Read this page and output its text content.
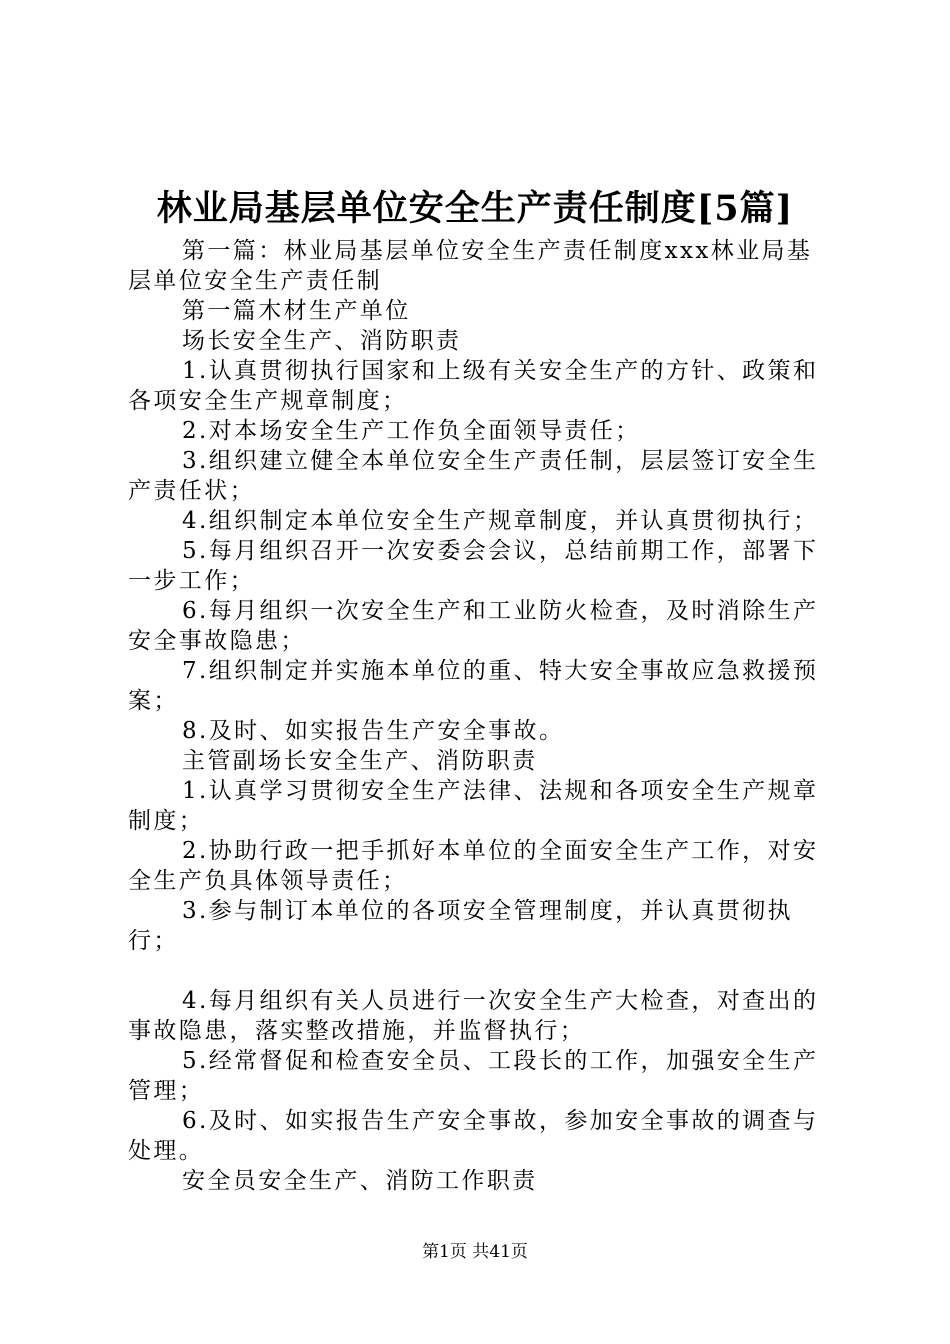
林业局基层单位安全生产责任制度[5篇]

第一篇：林业局基层单位安全生产责任制度xxx林业局基层单位安全生产责任制

第一篇木材生产单位

场长安全生产、消防职责

1.认真贯彻执行国家和上级有关安全生产的方针、政策和各项安全生产规章制度；

2.对本场安全生产工作负全面领导责任；

3.组织建立健全本单位安全生产责任制，层层签订安全生产责任状；

4.组织制定本单位安全生产规章制度，并认真贯彻执行；

5.每月组织召开一次安委会会议，总结前期工作，部署下一步工作；

6.每月组织一次安全生产和工业防火检查，及时消除生产安全事故隐患；

7.组织制定并实施本单位的重、特大安全事故应急救援预案；

8.及时、如实报告生产安全事故。

主管副场长安全生产、消防职责

1.认真学习贯彻安全生产法律、法规和各项安全生产规章制度；

2.协助行政一把手抓好本单位的全面安全生产工作，对安全生产负具体领导责任；

3.参与制订本单位的各项安全管理制度，并认真贯彻执行；

4.每月组织有关人员进行一次安全生产大检查，对查出的事故隐患，落实整改措施，并监督执行；

5.经常督促和检查安全员、工段长的工作，加强安全生产管理；

6.及时、如实报告生产安全事故，参加安全事故的调查与处理。

安全员安全生产、消防工作职责

第1页 共41页
